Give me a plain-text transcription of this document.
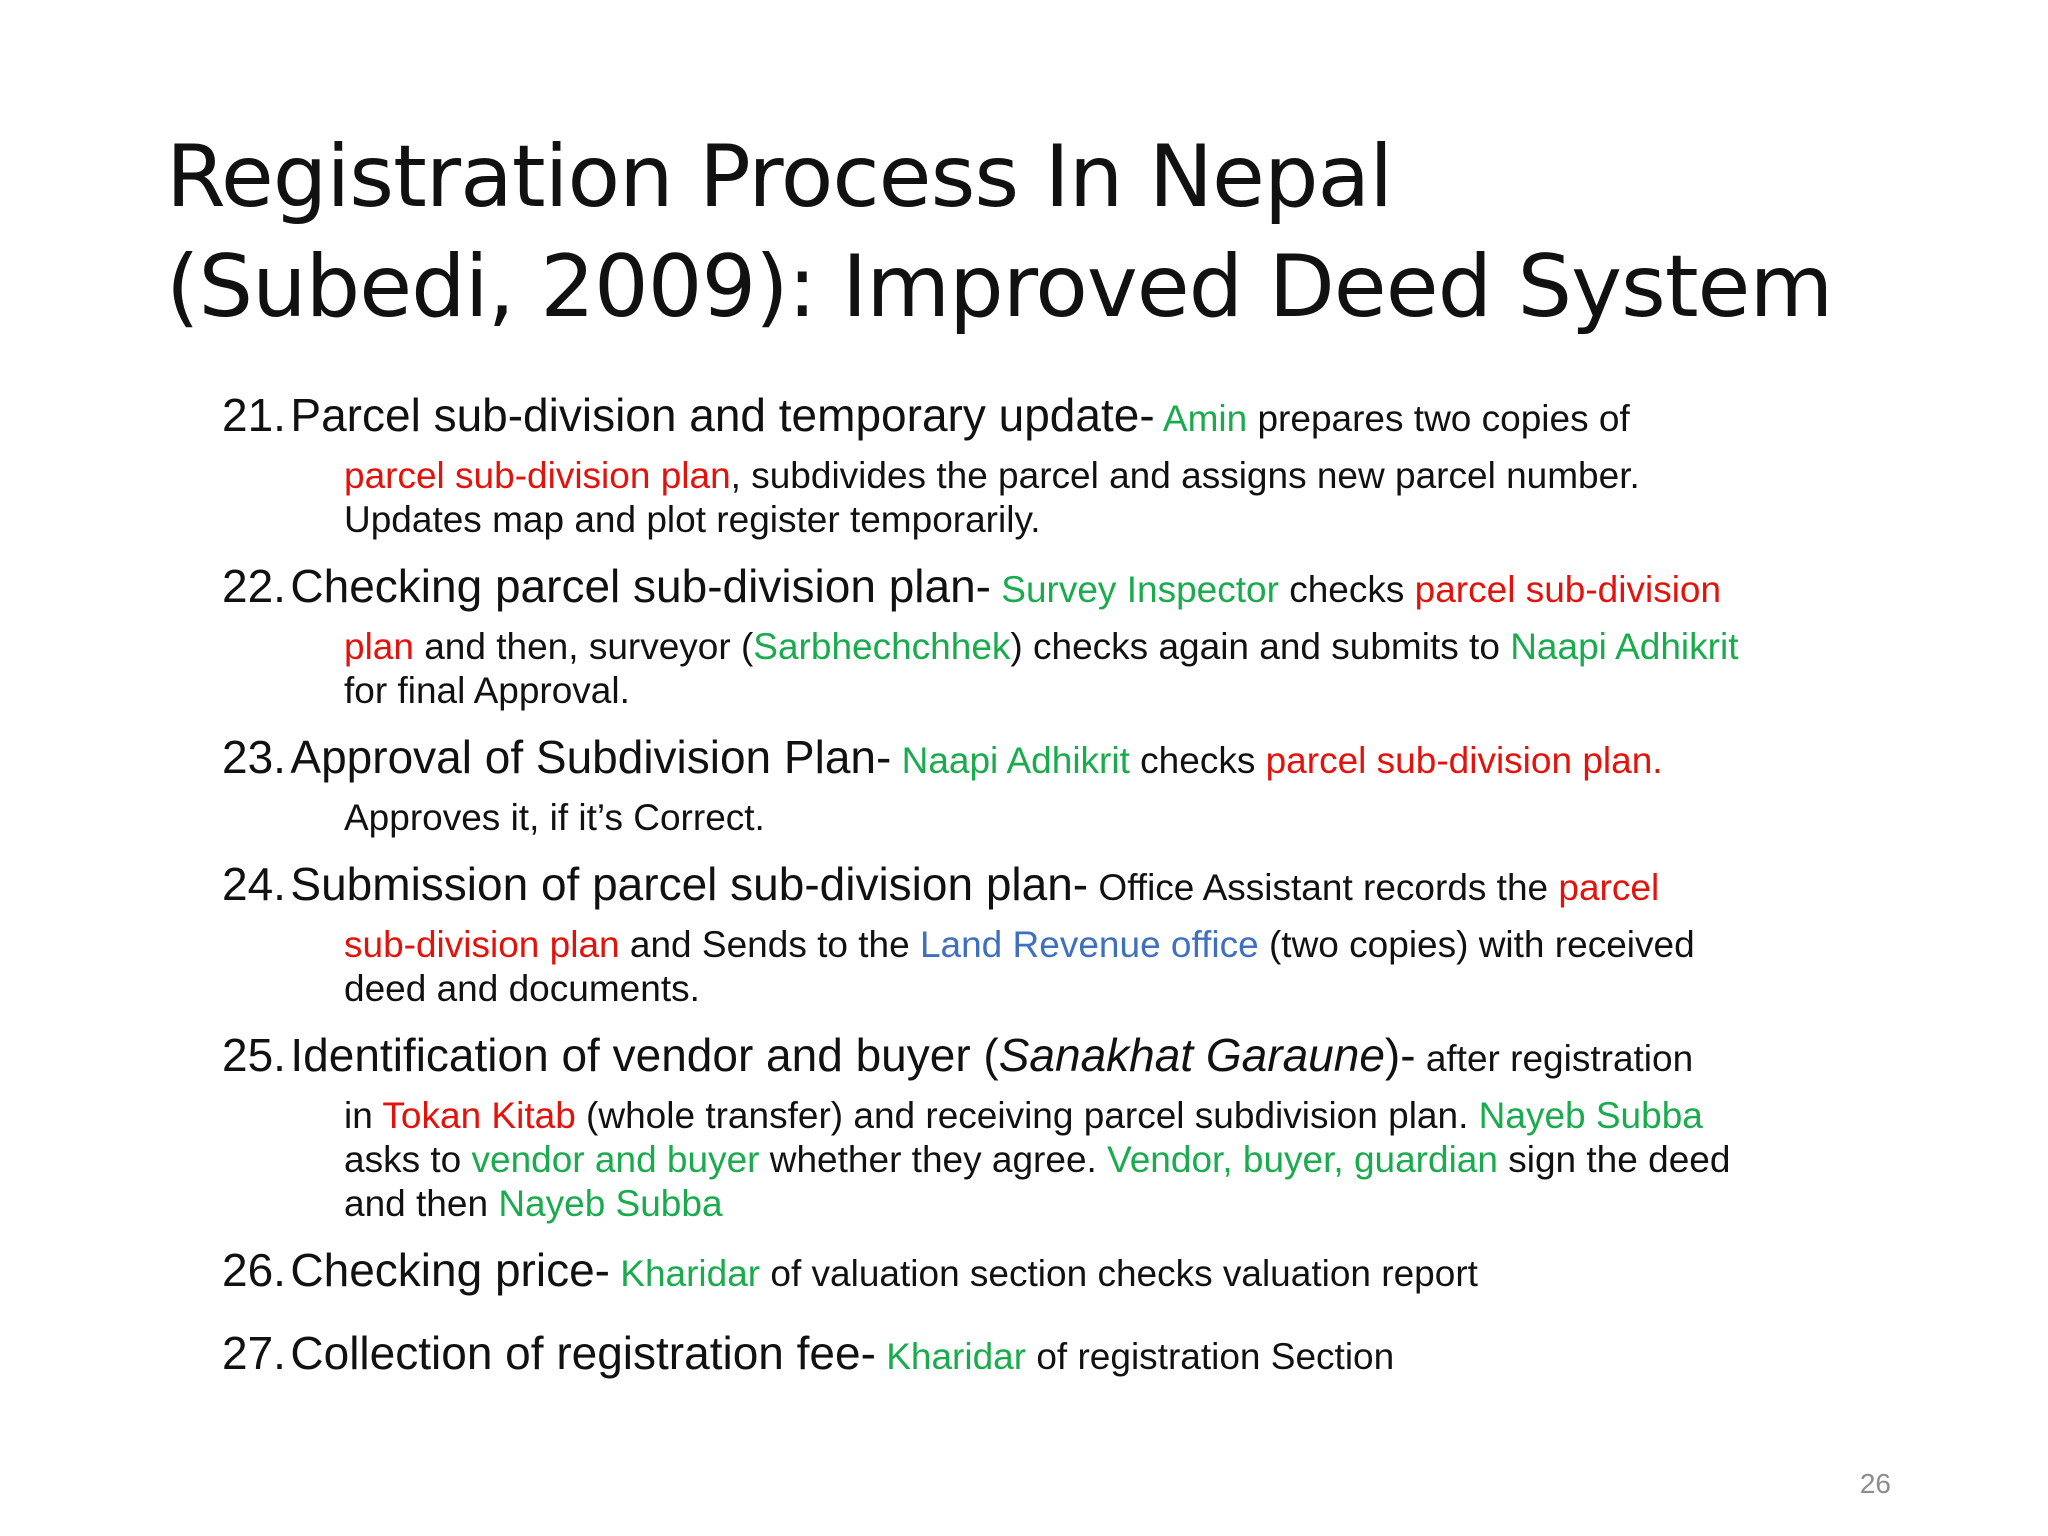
Registration Process In Nepal
(Subedi, 2009): Improved Deed System
21. Parcel sub-division and temporary update- Amin prepares two copies of
parcel sub-division plan, subdivides the parcel and assigns new parcel number.
Updates map and plot register temporarily.
22. Checking parcel sub-division plan- Survey Inspector checks parcel sub-division
plan and then, surveyor (Sarbhechchhek) checks again and submits to Naapi Adhikrit
for final Approval.
23. Approval of Subdivision Plan- Naapi Adhikrit checks parcel sub-division plan.
Approves it, if it’s Correct.
24. Submission of parcel sub-division plan- Office Assistant records the parcel
sub-division plan and Sends to the Land Revenue office (two copies) with received
deed and documents.
25. Identification of vendor and buyer (Sanakhat Garaune)- after registration
in Tokan Kitab (whole transfer) and receiving parcel subdivision plan. Nayeb Subba
asks to vendor and buyer whether they agree. Vendor, buyer, guardian sign the deed
and then Nayeb Subba
26. Checking price- Kharidar of valuation section checks valuation report
27. Collection of registration fee- Kharidar of registration Section
26
